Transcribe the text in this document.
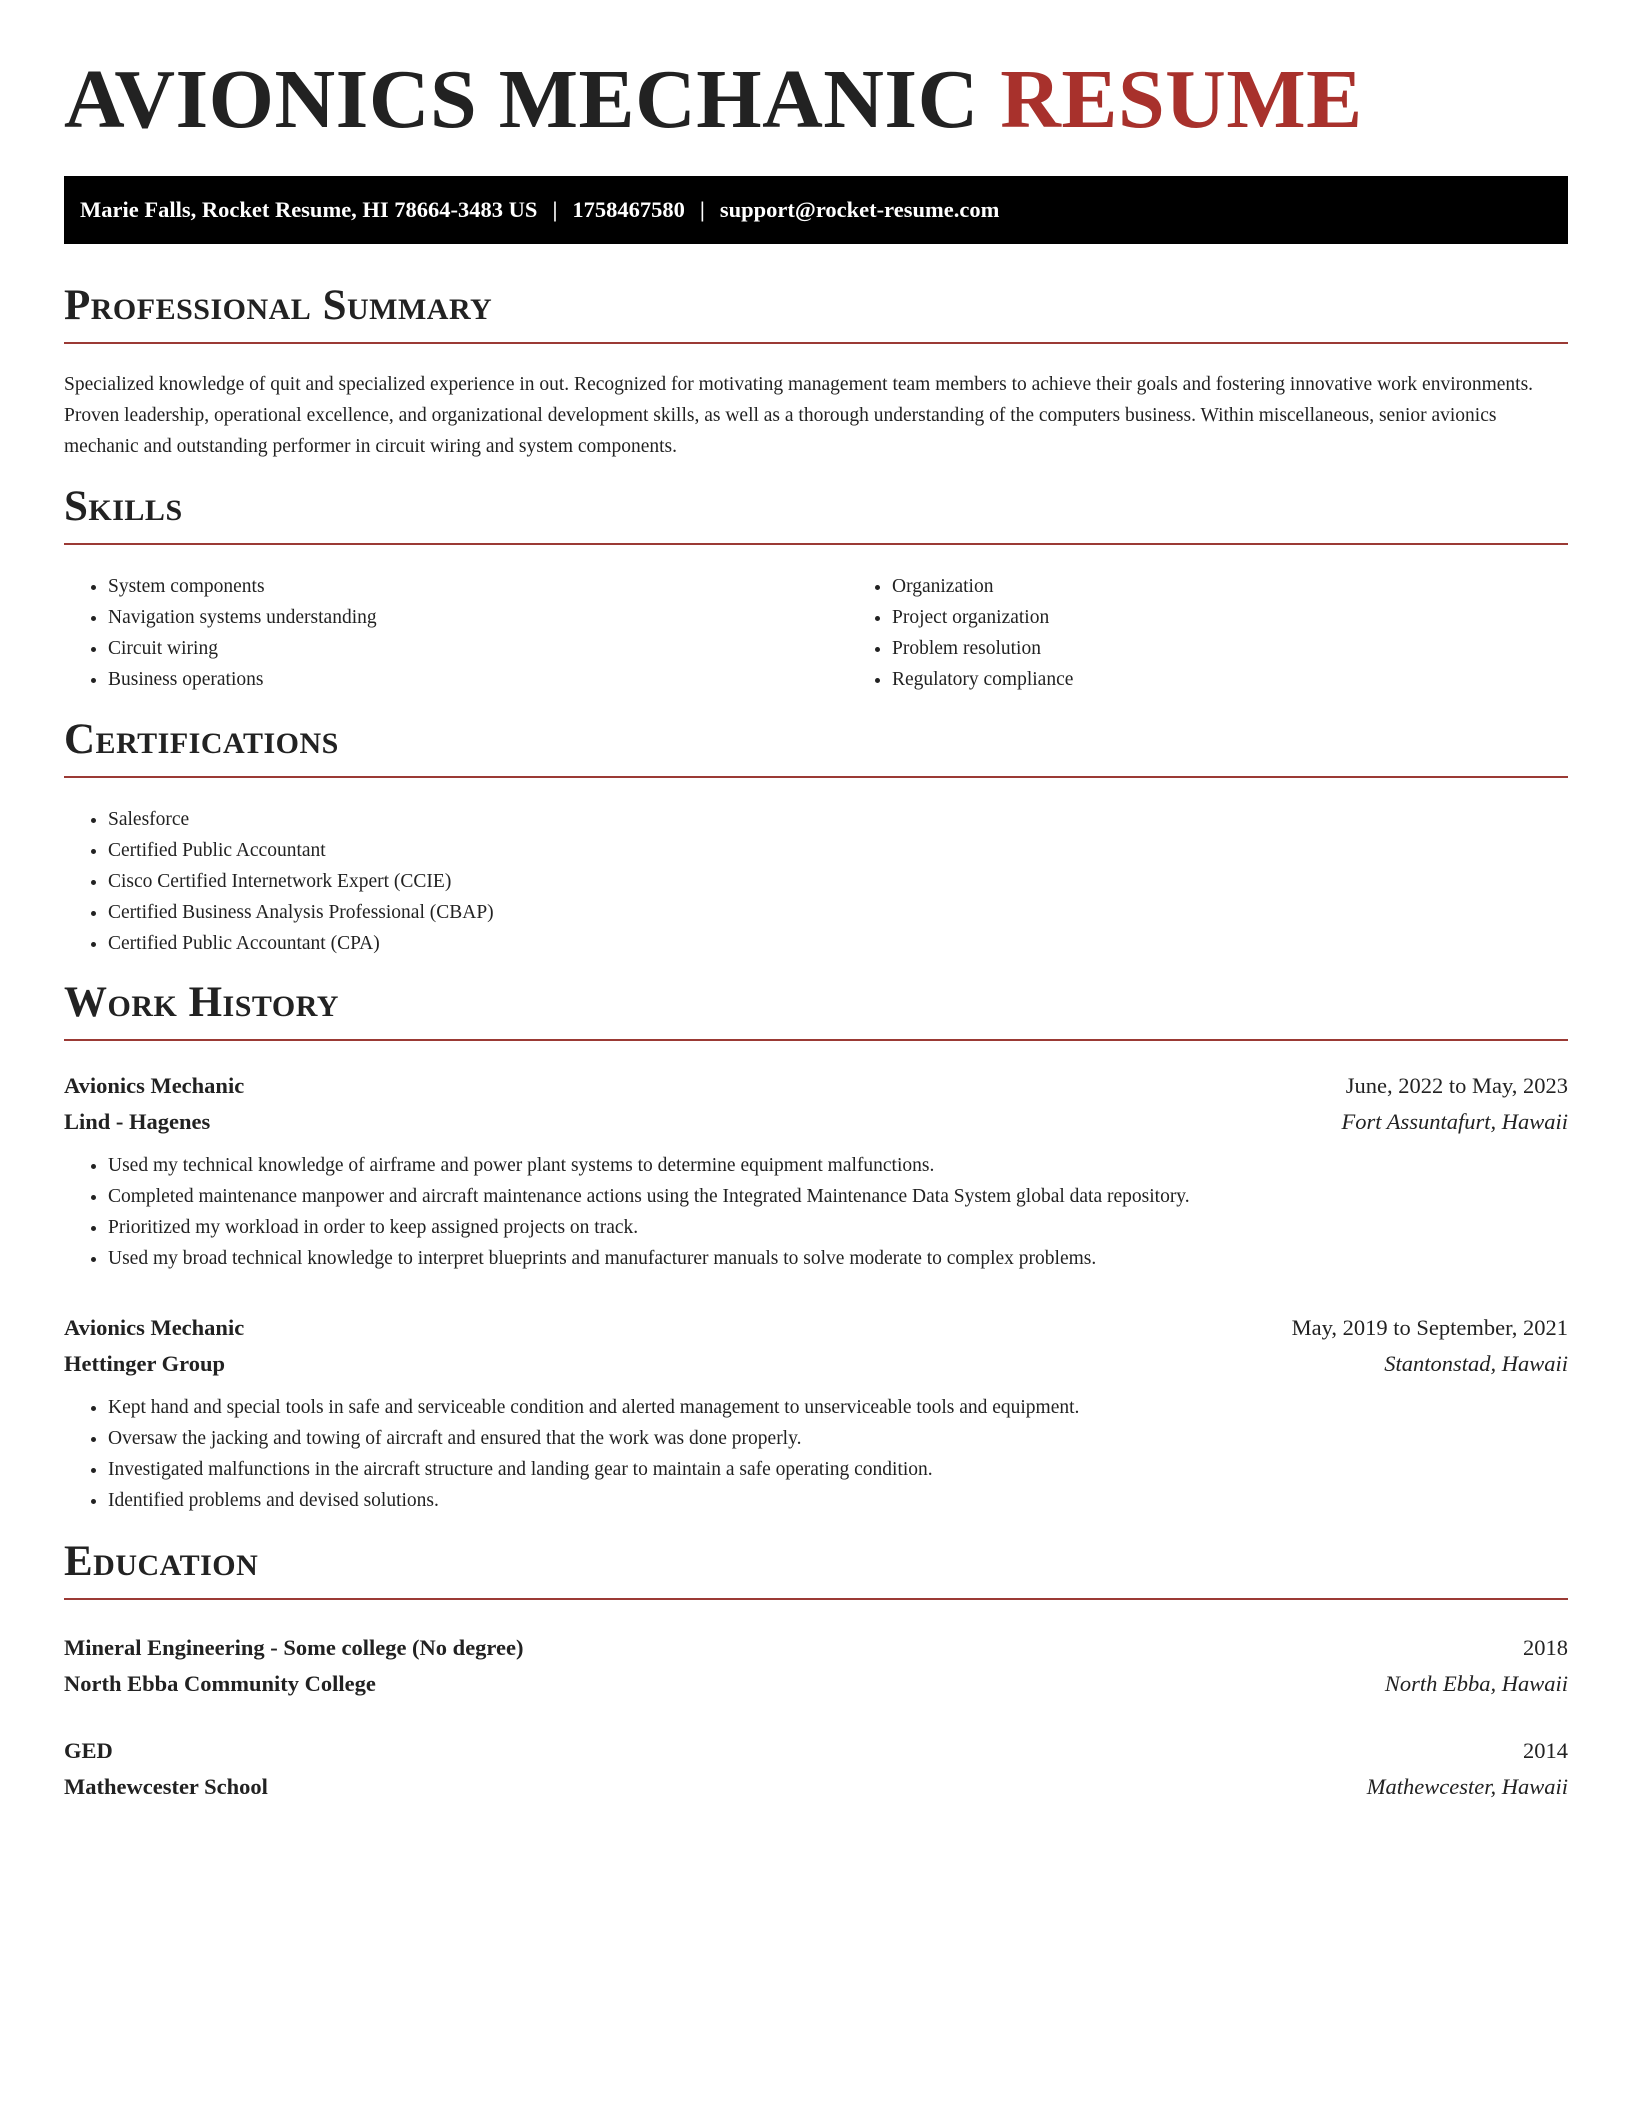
AVIONICS MECHANIC RESUME
Marie Falls, Rocket Resume, HI 78664-3483 US | 1758467580 | support@rocket-resume.com
Professional Summary

Specialized knowledge of quit and specialized experience in out. Recognized for motivating management team members to achieve their goals and fostering innovative work environments. Proven leadership, operational excellence, and organizational development skills, as well as a thorough understanding of the computers business. Within miscellaneous, senior avionics mechanic and outstanding performer in circuit wiring and system components.

Skills
• System components
• Navigation systems understanding
• Circuit wiring
• Business operations
• Organization
• Project organization
• Problem resolution
• Regulatory compliance
Certifications
• Salesforce
• Certified Public Accountant
• Cisco Certified Internetwork Expert (CCIE)
• Certified Business Analysis Professional (CBAP)
• Certified Public Accountant (CPA)
Work History
Avionics Mechanic	June, 2022 to May, 2023
Lind - Hagenes	Fort Assuntafurt, Hawaii
• Used my technical knowledge of airframe and power plant systems to determine equipment malfunctions.
• Completed maintenance manpower and aircraft maintenance actions using the Integrated Maintenance Data System global data repository.
• Prioritized my workload in order to keep assigned projects on track.
• Used my broad technical knowledge to interpret blueprints and manufacturer manuals to solve moderate to complex problems.
Avionics Mechanic	May, 2019 to September, 2021
Hettinger Group	Stantonstad, Hawaii
• Kept hand and special tools in safe and serviceable condition and alerted management to unserviceable tools and equipment.
• Oversaw the jacking and towing of aircraft and ensured that the work was done properly.
• Investigated malfunctions in the aircraft structure and landing gear to maintain a safe operating condition.
• Identified problems and devised solutions.
Education
Mineral Engineering - Some college (No degree)	2018
North Ebba Community College	North Ebba, Hawaii
GED	2014
Mathewcester School	Mathewcester, Hawaii
